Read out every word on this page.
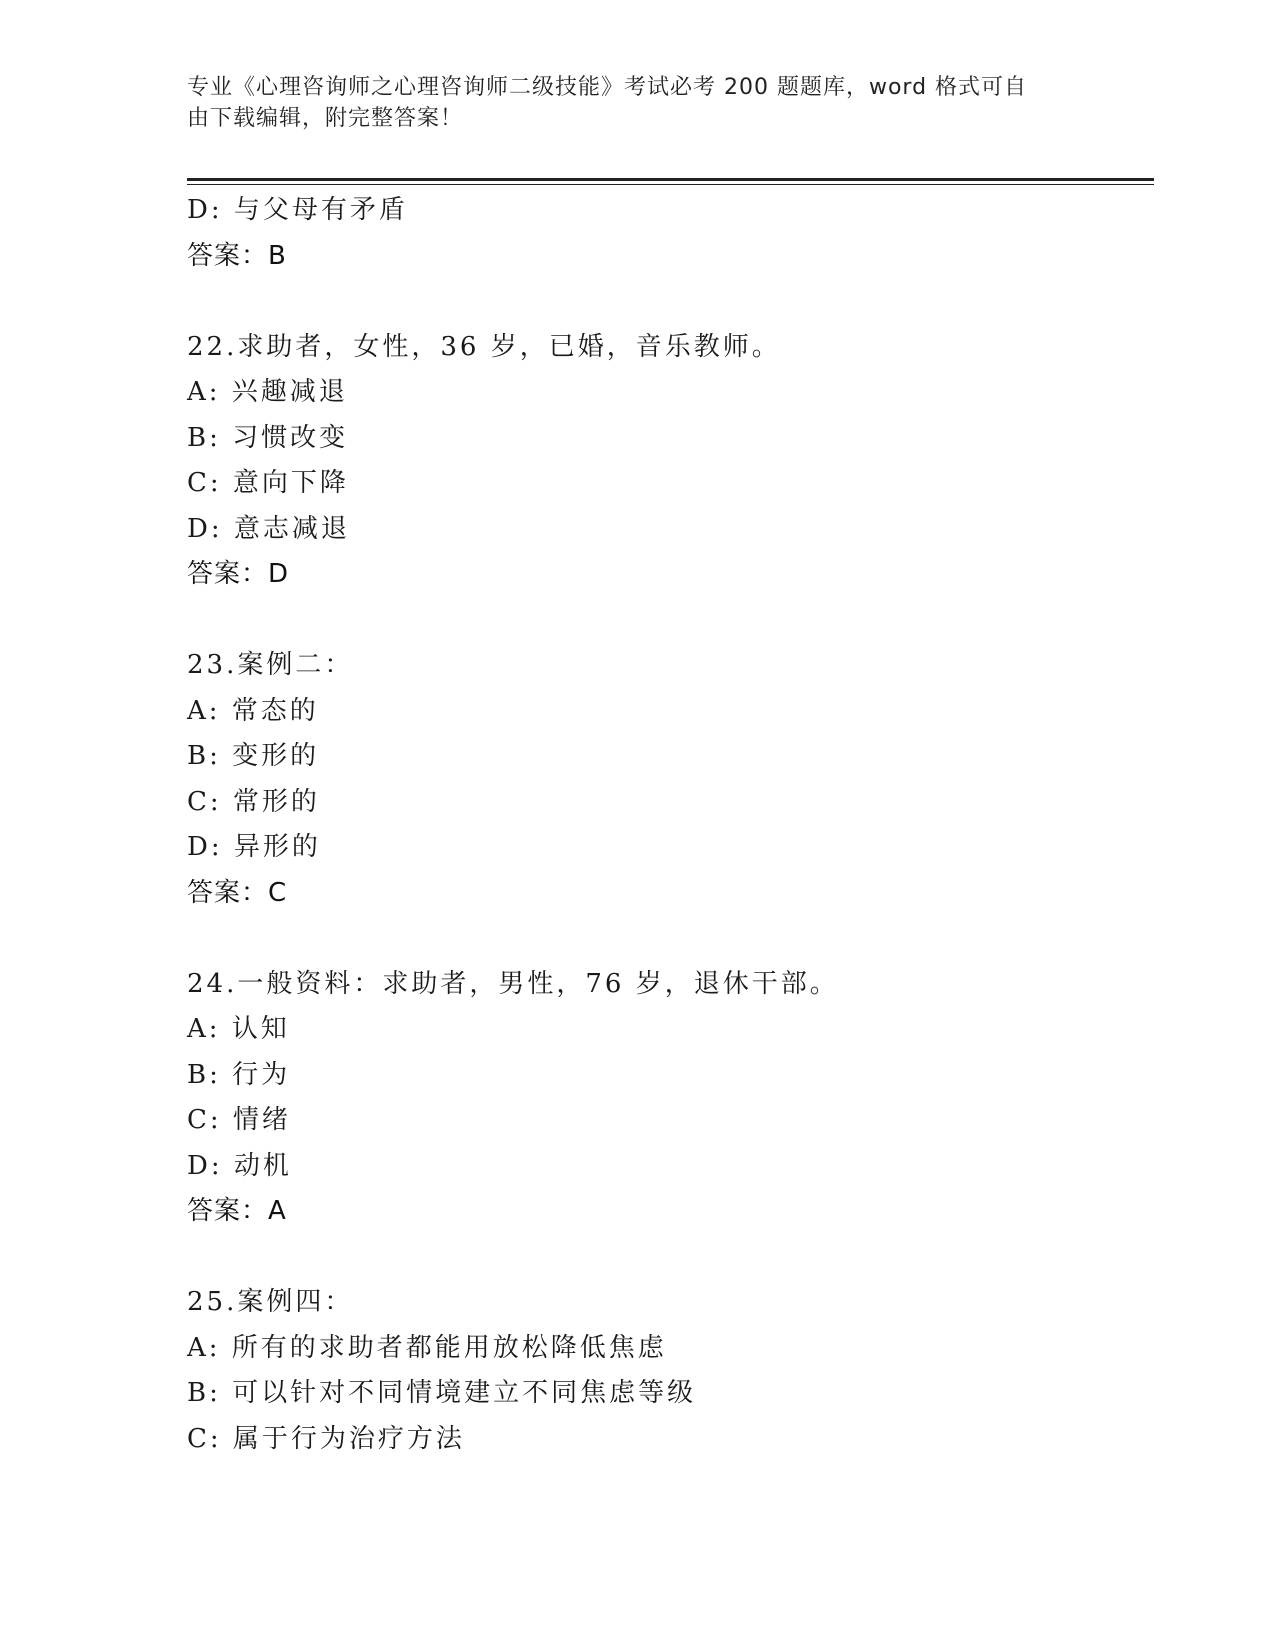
专业《心理咨询师之心理咨询师二级技能》考试必考 200 题题库，word 格式可自
由下载编辑，附完整答案！
D: 与父母有矛盾
答案：B
22.求助者，女性，36 岁，已婚，音乐教师。
A: 兴趣减退
B: 习惯改变
C: 意向下降
D: 意志减退
答案：D
23.案例二：
A: 常态的
B: 变形的
C: 常形的
D: 异形的
答案：C
24.一般资料：求助者，男性，76 岁，退休干部。
A: 认知
B: 行为
C: 情绪
D: 动机
答案：A
25.案例四：
A: 所有的求助者都能用放松降低焦虑
B: 可以针对不同情境建立不同焦虑等级
C: 属于行为治疗方法
